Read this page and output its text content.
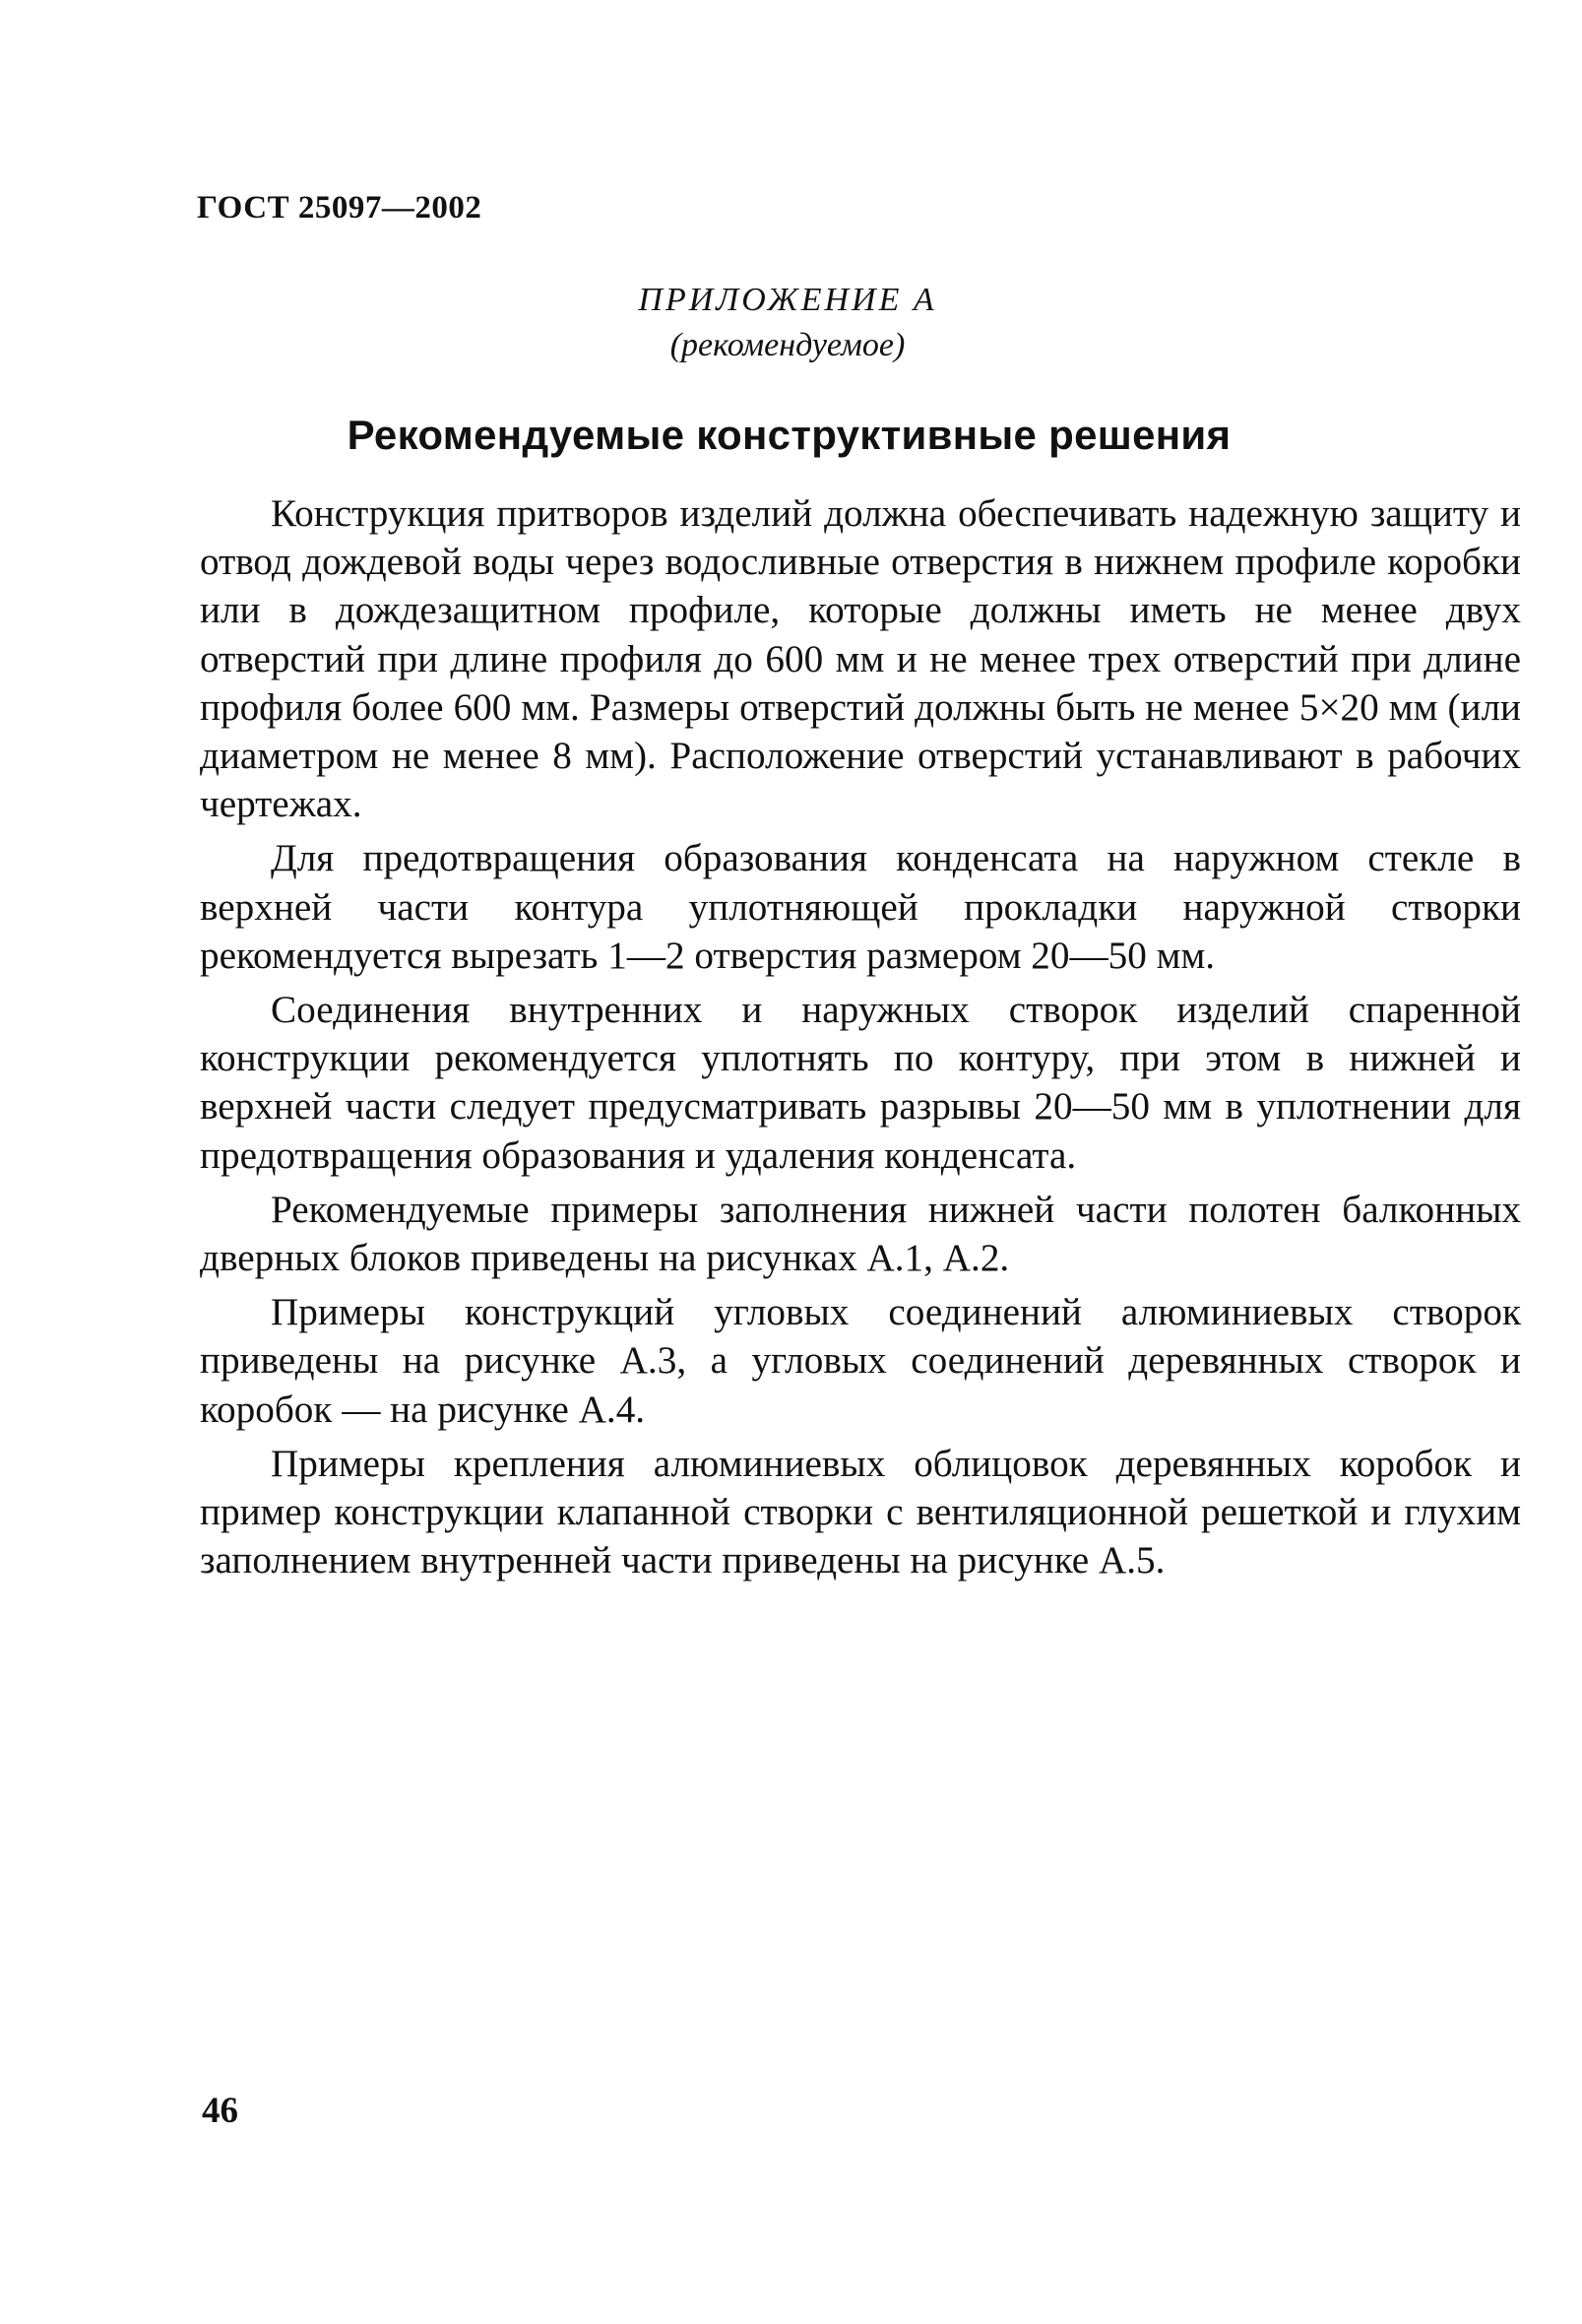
ГОСТ 25097—2002
ПРИЛОЖЕНИЕ А
(рекомендуемое)
Рекомендуемые конструктивные решения

Конструкция притворов изделий должна обеспечивать надежную защиту и отвод дождевой воды через водосливные отверстия в нижнем профиле коробки или в дождезащитном профиле, которые должны иметь не менее двух отверстий при длине профиля до 600 мм и не менее трех отверстий при длине профиля более 600 мм. Размеры отверстий должны быть не менее 5×20 мм (или диаметром не менее 8 мм). Расположение отверстий устанавливают в рабочих чертежах.

Для предотвращения образования конденсата на наружном стекле в верхней части контура уплотняющей прокладки наружной створки рекомендуется вырезать 1—2 отверстия размером 20—50 мм.

Соединения внутренних и наружных створок изделий спаренной конструкции рекомендуется уплотнять по контуру, при этом в нижней и верхней части следует предусматривать разрывы 20—50 мм в уплотнении для предотвращения образования и удаления конденсата.

Рекомендуемые примеры заполнения нижней части полотен балконных дверных блоков приведены на рисунках А.1, А.2.

Примеры конструкций угловых соединений алюминиевых створок приведены на рисунке А.3, а угловых соединений деревянных створок и коробок — на рисунке А.4.

Примеры крепления алюминиевых облицовок деревянных коробок и пример конструкции клапанной створки с вентиляционной решеткой и глухим заполнением внутренней части приведены на рисунке А.5.

46
